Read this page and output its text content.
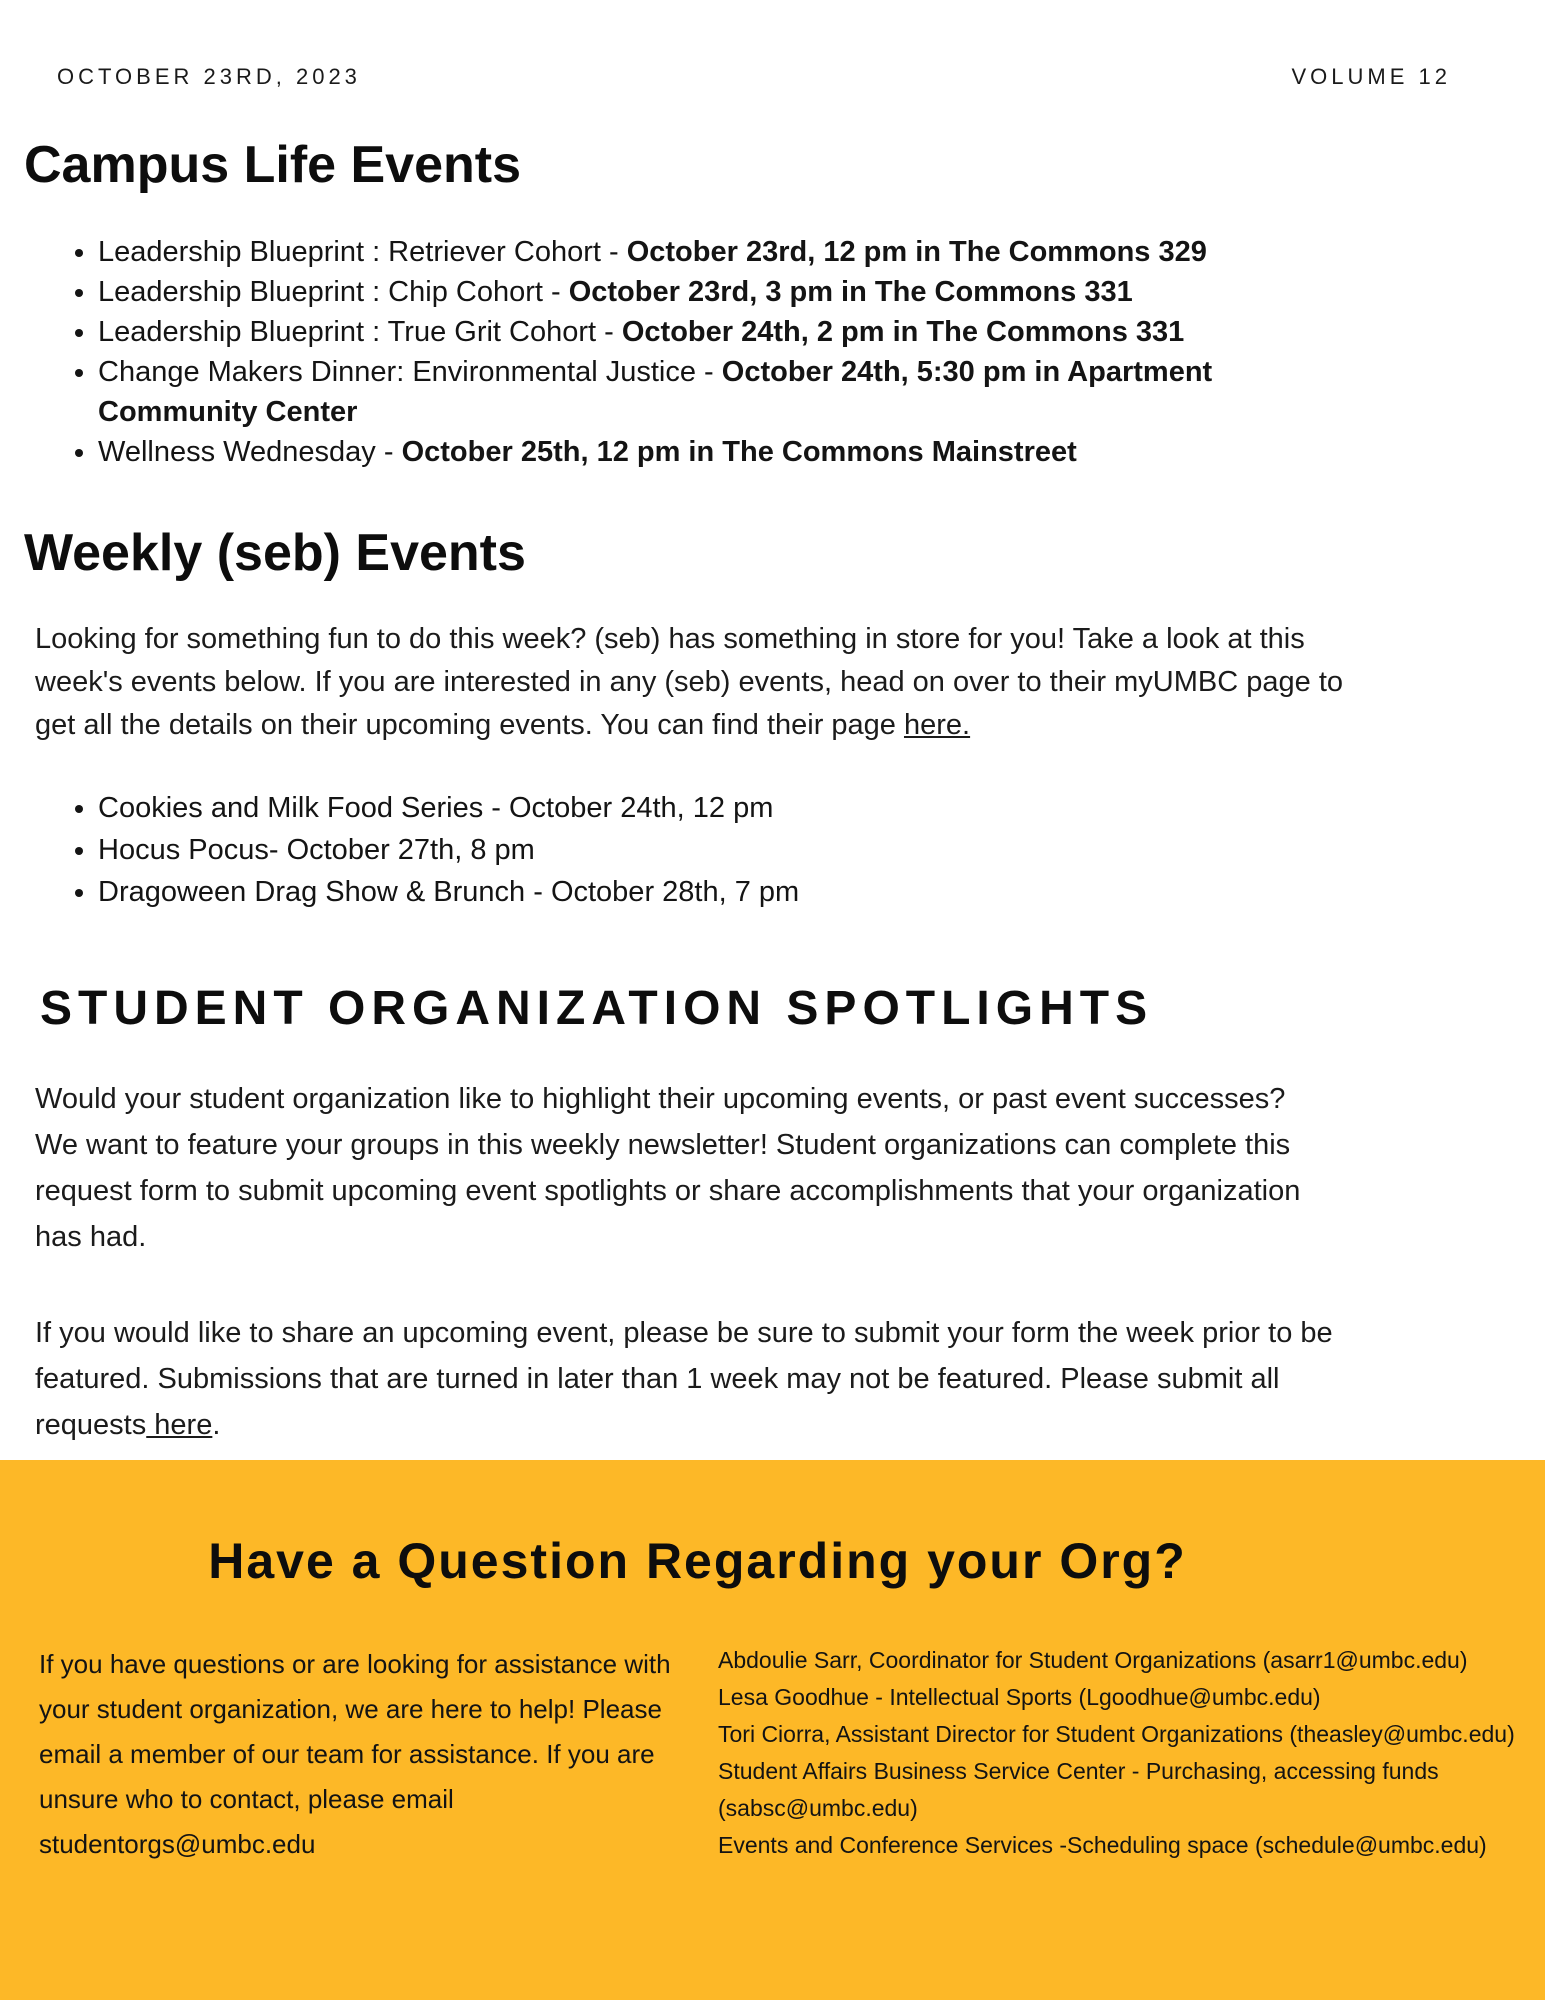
OCTOBER 23RD, 2023	VOLUME 12
Campus Life Events
• Leadership Blueprint : Retriever Cohort - October 23rd, 12 pm in The Commons 329
• Leadership Blueprint : Chip Cohort - October 23rd, 3 pm in The Commons 331
• Leadership Blueprint : True Grit Cohort - October 24th, 2 pm in The Commons 331
• Change Makers Dinner: Environmental Justice - October 24th, 5:30 pm in Apartment Community Center
• Wellness Wednesday - October 25th, 12 pm in The Commons Mainstreet
Weekly (seb) Events

Looking for something fun to do this week? (seb) has something in store for you! Take a look at this week's events below. If you are interested in any (seb) events, head on over to their myUMBC page to get all the details on their upcoming events. You can find their page here.

• Cookies and Milk Food Series - October 24th, 12 pm
• Hocus Pocus- October 27th, 8 pm
• Dragoween Drag Show & Brunch - October 28th, 7 pm
STUDENT ORGANIZATION SPOTLIGHTS

Would your student organization like to highlight their upcoming events, or past event successes? We want to feature your groups in this weekly newsletter! Student organizations can complete this request form to submit upcoming event spotlights or share accomplishments that your organization has had.

If you would like to share an upcoming event, please be sure to submit your form the week prior to be featured. Submissions that are turned in later than 1 week may not be featured. Please submit all requests here.

Have a Question Regarding your Org?
If you have questions or are looking for assistance with your student organization, we are here to help! Please email a member of our team for assistance. If you are unsure who to contact, please email studentorgs@umbc.edu

Abdoulie Sarr, Coordinator for Student Organizations (asarr1@umbc.edu)

Lesa Goodhue - Intellectual Sports (Lgoodhue@umbc.edu)

Tori Ciorra, Assistant Director for Student Organizations (theasley@umbc.edu)

Student Affairs Business Service Center - Purchasing, accessing funds (sabsc@umbc.edu)

Events and Conference Services -Scheduling space (schedule@umbc.edu)
